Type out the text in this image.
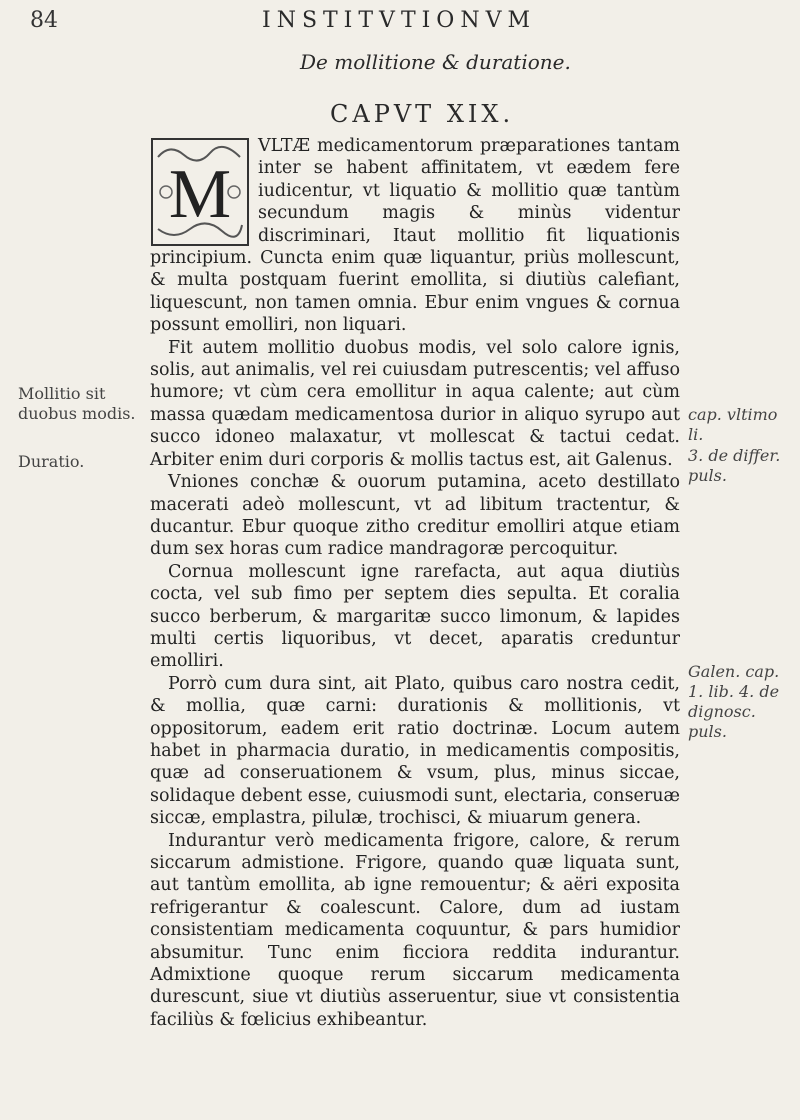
84	INSTITVTIONVM
De mollitione & duratione.
CAPVT XIX.
M

VLTÆ medicamentorum præparationes tantam inter se habent affinitatem, vt eædem fere iudicentur, vt liquatio & mollitio quæ tantùm secundum magis & minùs videntur discriminari, Itaut mollitio fit liquationis principium. Cuncta enim quæ liquantur, priùs mollescunt, & multa postquam fuerint emollita, si diutiùs calefiant, liquescunt, non tamen omnia. Ebur enim vngues & cornua possunt emolliri, non liquari.

Fit autem mollitio duobus modis, vel solo calore ignis, solis, aut animalis, vel rei cuiusdam putrescentis; vel affuso humore; vt cùm cera emollitur in aqua calente; aut cùm massa quædam medicamentosa durior in aliquo syrupo aut succo idoneo malaxatur, vt mollescat & tactui cedat. Arbiter enim duri corporis & mollis tactus est, ait Galenus.

Vniones conchæ & ouorum putamina, aceto destillato macerati adeò mollescunt, vt ad libitum tractentur, & ducantur. Ebur quoque zitho creditur emolliri atque etiam dum sex horas cum radice mandragoræ percoquitur.

Cornua mollescunt igne rarefacta, aut aqua diutiùs cocta, vel sub fimo per septem dies sepulta. Et coralia succo berberum, & margaritæ succo limonum, & lapides multi certis liquoribus, vt decet, aparatis creduntur emolliri.

Porrò cum dura sint, ait Plato, quibus caro nostra cedit, & mollia, quæ carni: durationis & mollitionis, vt oppositorum, eadem erit ratio doctrinæ. Locum autem habet in pharmacia duratio, in medicamentis compositis, quæ ad conseruationem & vsum, plus, minus siccae, solidaque debent esse, cuiusmodi sunt, electaria, conseruæ siccæ, emplastra, pilulæ, trochisci, & miuarum genera.

Indurantur verò medicamenta frigore, calore, & rerum siccarum admistione. Frigore, quando quæ liquata sunt, aut tantùm emollita, ab igne remouentur; & aëri exposita refrigerantur & coalescunt. Calore, dum ad iustam consistentiam medicamenta coquuntur, & pars humidior absumitur. Tunc enim ficciora reddita indurantur. Admixtione quoque rerum siccarum medicamenta durescunt, siue vt diutiùs asseruentur, siue vt consistentia faciliùs & fœlicius exhibeantur.

Mollitio sit duobus modis.
Duratio.
cap. vltimo li.
3. de differ. puls.
Galen. cap. 1. lib. 4. de dignosc. puls.
